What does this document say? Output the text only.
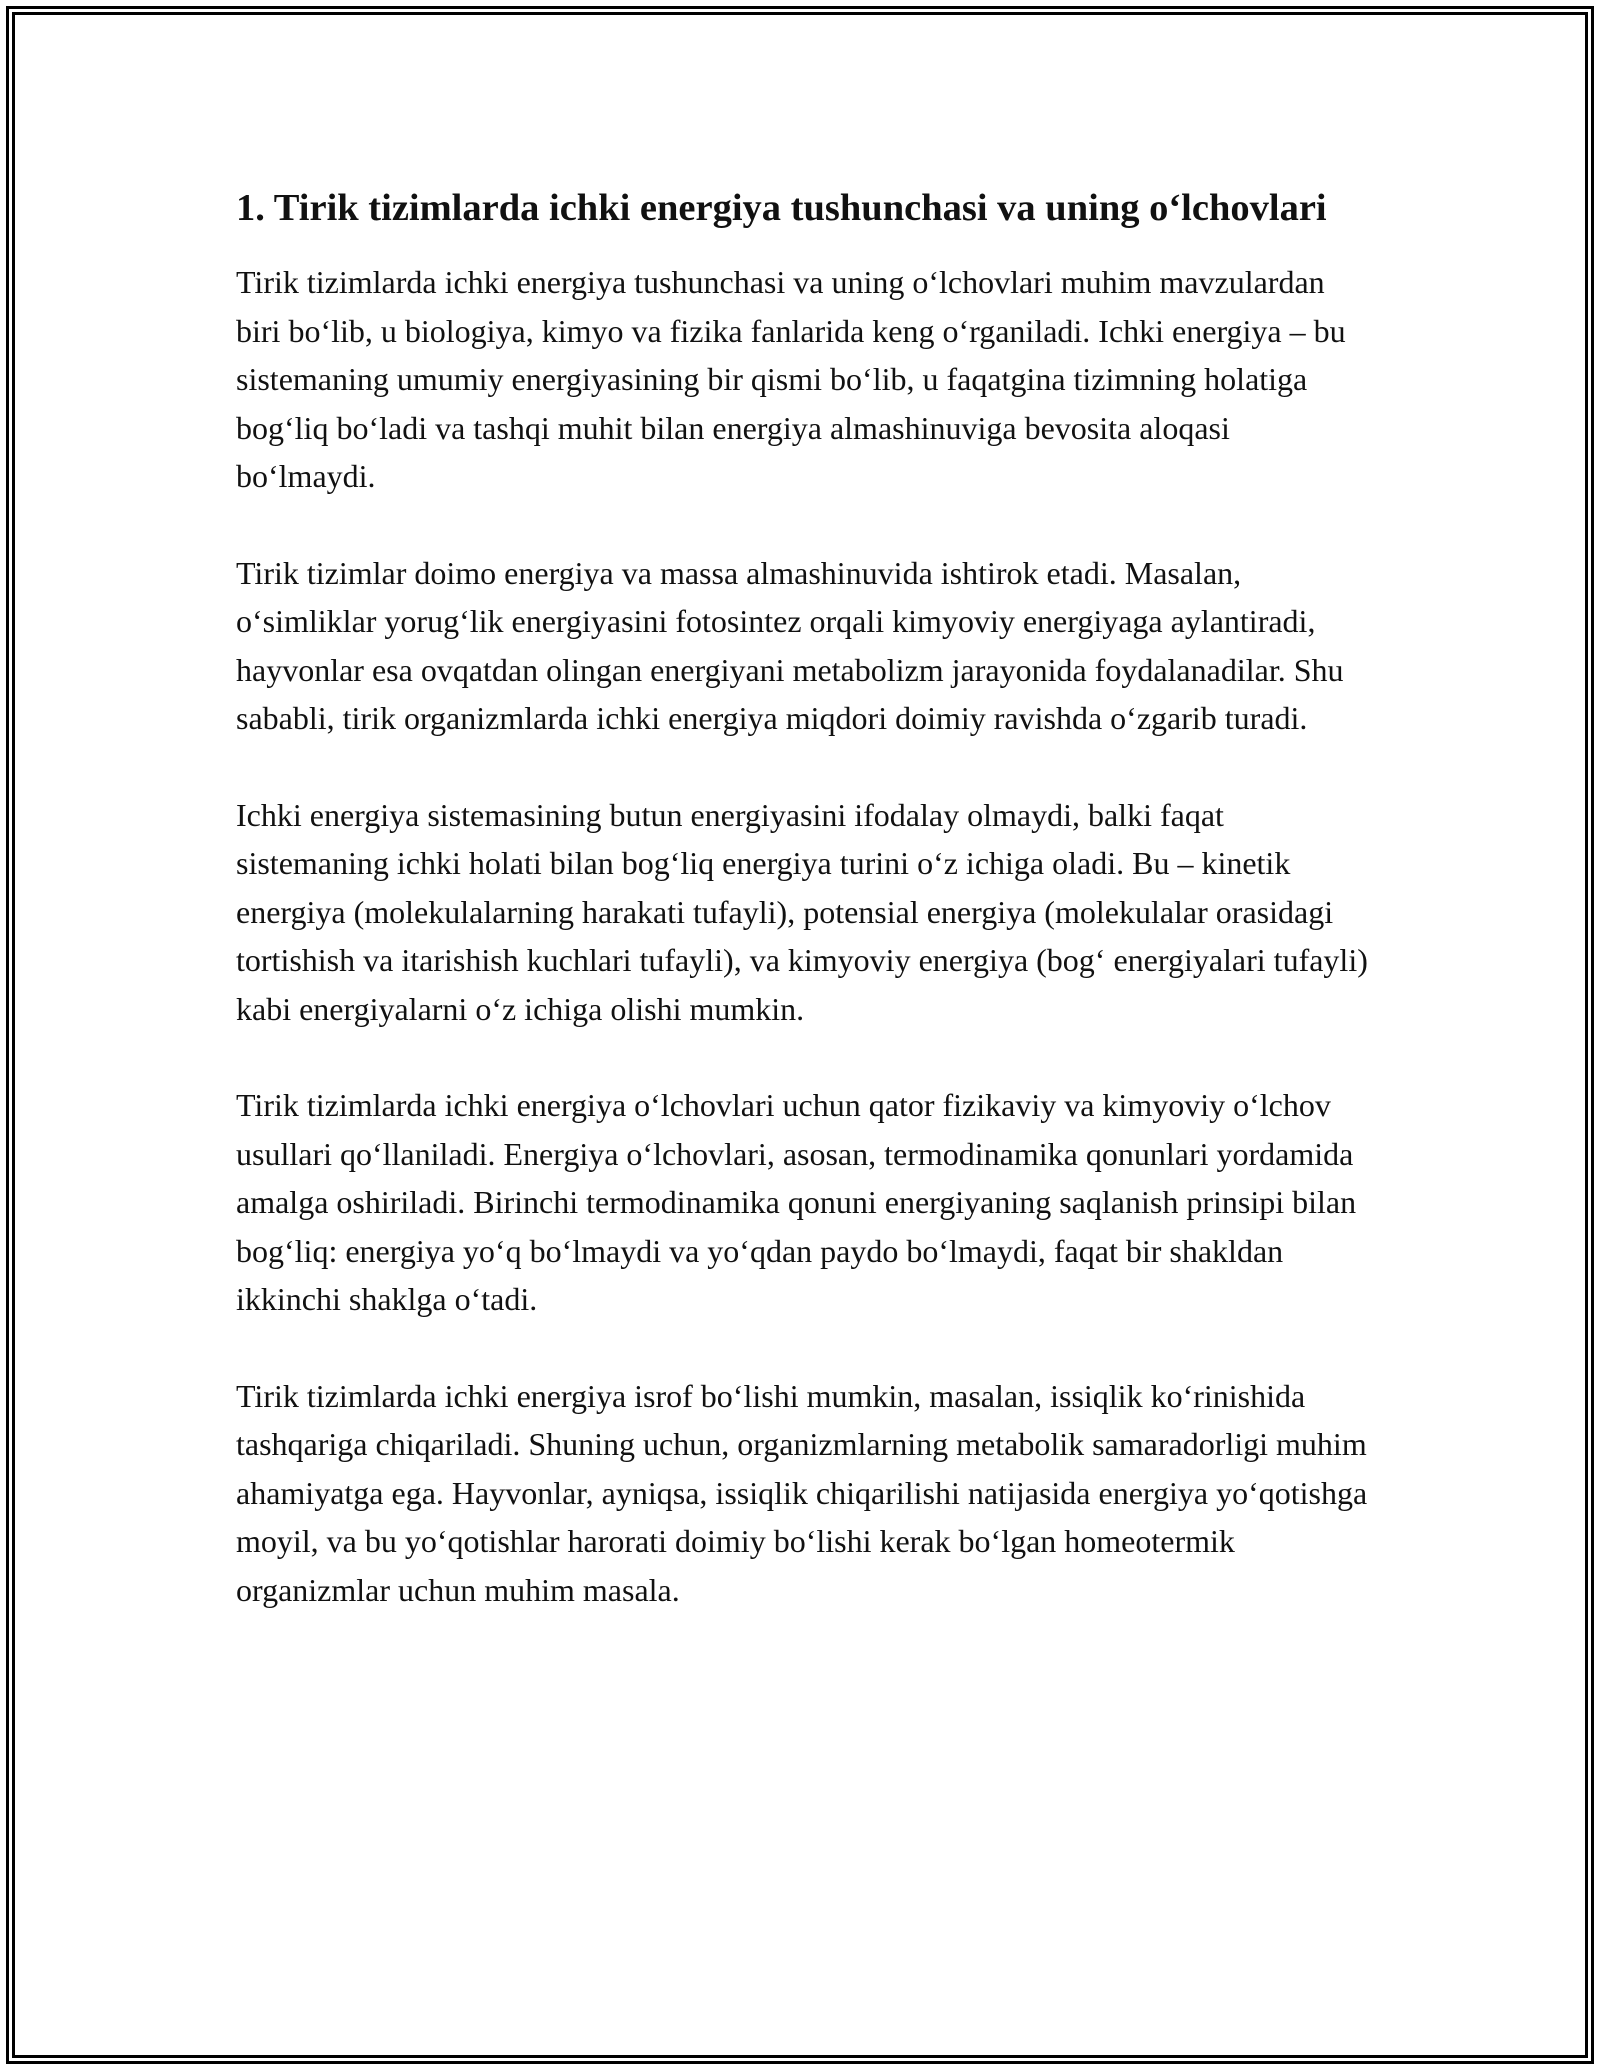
1. Tirik tizimlarda ichki energiya tushunchasi va uning o‘lchovlari

Tirik tizimlarda ichki energiya tushunchasi va uning o‘lchovlari muhim mavzulardan biri bo‘lib, u biologiya, kimyo va fizika fanlarida keng o‘rganiladi. Ichki energiya – bu sistemaning umumiy energiyasining bir qismi bo‘lib, u faqatgina tizimning holatiga bog‘liq bo‘ladi va tashqi muhit bilan energiya almashinuviga bevosita aloqasi bo‘lmaydi.

Tirik tizimlar doimo energiya va massa almashinuvida ishtirok etadi. Masalan, o‘simliklar yorug‘lik energiyasini fotosintez orqali kimyoviy energiyaga aylantiradi, hayvonlar esa ovqatdan olingan energiyani metabolizm jarayonida foydalanadilar. Shu sababli, tirik organizmlarda ichki energiya miqdori doimiy ravishda o‘zgarib turadi.

Ichki energiya sistemasining butun energiyasini ifodalay olmaydi, balki faqat sistemaning ichki holati bilan bog‘liq energiya turini o‘z ichiga oladi. Bu – kinetik energiya (molekulalarning harakati tufayli), potensial energiya (molekulalar orasidagi tortishish va itarishish kuchlari tufayli), va kimyoviy energiya (bog‘ energiyalari tufayli) kabi energiyalarni o‘z ichiga olishi mumkin.

Tirik tizimlarda ichki energiya o‘lchovlari uchun qator fizikaviy va kimyoviy o‘lchov usullari qo‘llaniladi. Energiya o‘lchovlari, asosan, termodinamika qonunlari yordamida amalga oshiriladi. Birinchi termodinamika qonuni energiyaning saqlanish prinsipi bilan bog‘liq: energiya yo‘q bo‘lmaydi va yo‘qdan paydo bo‘lmaydi, faqat bir shakldan ikkinchi shaklga o‘tadi.

Tirik tizimlarda ichki energiya isrof bo‘lishi mumkin, masalan, issiqlik ko‘rinishida tashqariga chiqariladi. Shuning uchun, organizmlarning metabolik samaradorligi muhim ahamiyatga ega. Hayvonlar, ayniqsa, issiqlik chiqarilishi natijasida energiya yo‘qotishga moyil, va bu yo‘qotishlar harorati doimiy bo‘lishi kerak bo‘lgan homeotermik organizmlar uchun muhim masala.
